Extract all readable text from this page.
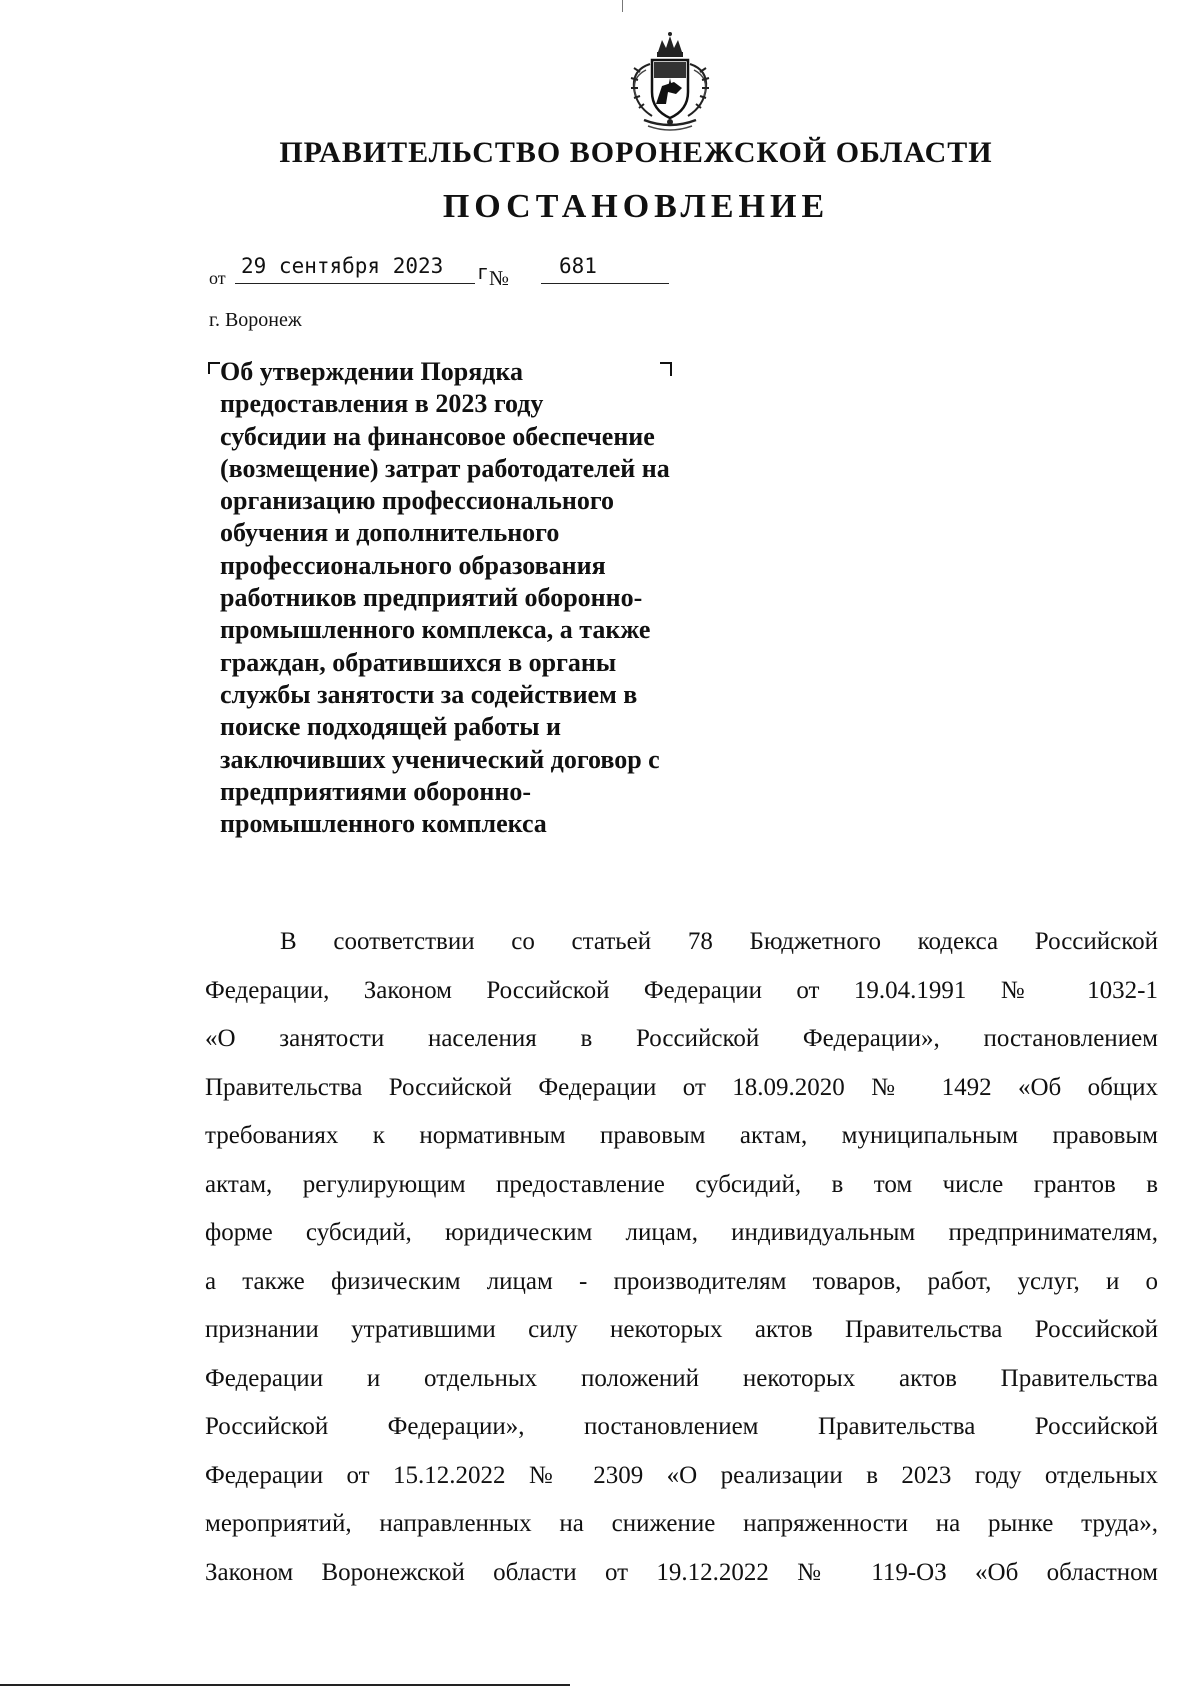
ПРАВИТЕЛЬСТВО ВОРОНЕЖСКОЙ ОБЛАСТИ
ПОСТАНОВЛЕНИЕ
от 29 сентября 2023	г №	681
г. Воронеж
Об утверждении Порядка
предоставления в 2023 году
субсидии на финансовое обеспечение
(возмещение) затрат работодателей на
организацию профессионального
обучения и дополнительного
профессионального образования
работников предприятий оборонно-
промышленного комплекса, а также
граждан, обратившихся в органы
службы занятости за содействием в
поиске подходящей работы и
заключивших ученический договор с
предприятиями оборонно-
промышленного комплекса
В соответствии со статьей 78 Бюджетного кодекса Российской
Федерации, Законом Российской Федерации от 19.04.1991 № 1032-1
«О занятости населения в Российской Федерации», постановлением
Правительства Российской Федерации от 18.09.2020 № 1492 «Об общих
требованиях к нормативным правовым актам, муниципальным правовым
актам, регулирующим предоставление субсидий, в том числе грантов в
форме субсидий, юридическим лицам, индивидуальным предпринимателям,
а также физическим лицам - производителям товаров, работ, услуг, и о
признании утратившими силу некоторых актов Правительства Российской
Федерации и отдельных положений некоторых актов Правительства
Российской Федерации», постановлением Правительства Российской
Федерации от 15.12.2022 № 2309 «О реализации в 2023 году отдельных
мероприятий, направленных на снижение напряженности на рынке труда»,
Законом Воронежской области от 19.12.2022 № 119-ОЗ «Об областном
